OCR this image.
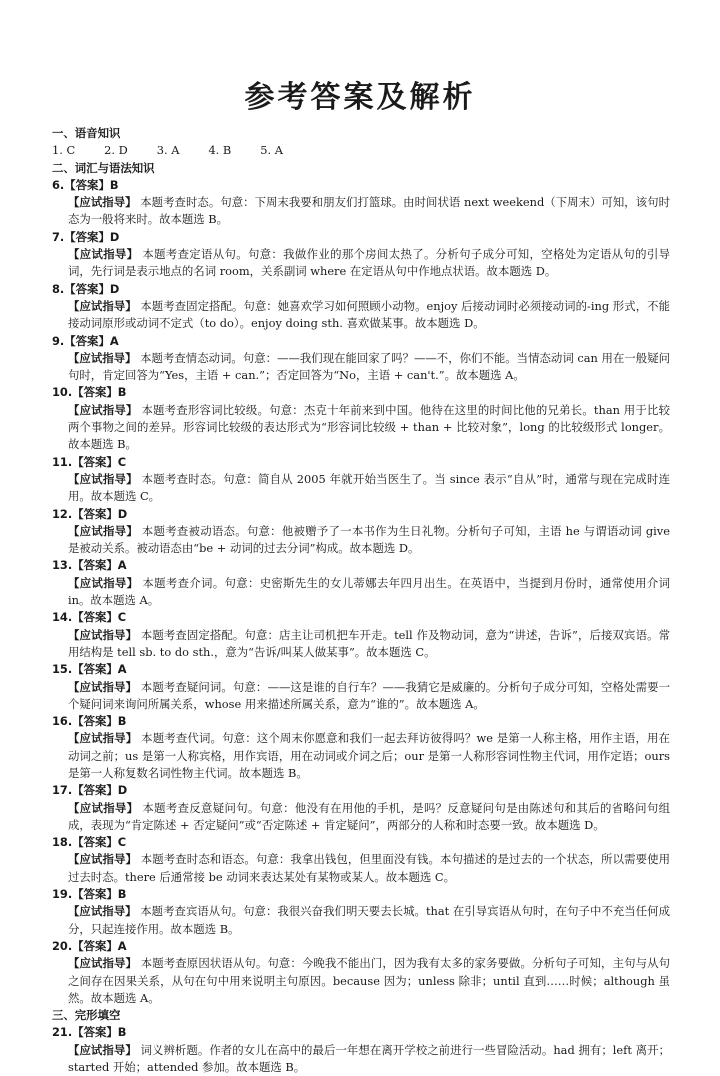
参考答案及解析
一、语音知识
1. C        2. D        3. A        4. B        5. A
二、词汇与语法知识
6.【答案】B
【应试指导】 本题考查时态。句意：下周末我要和朋友们打篮球。由时间状语 next weekend（下周末）可知，该句时态为一般将来时。故本题选 B。
7.【答案】D
【应试指导】 本题考查定语从句。句意：我做作业的那个房间太热了。分析句子成分可知，空格处为定语从句的引导词，先行词是表示地点的名词 room，关系副词 where 在定语从句中作地点状语。故本题选 D。
8.【答案】D
【应试指导】 本题考查固定搭配。句意：她喜欢学习如何照顾小动物。enjoy 后接动词时必须接动词的-ing 形式，不能接动词原形或动词不定式（to do）。enjoy doing sth. 喜欢做某事。故本题选 D。
9.【答案】A
【应试指导】 本题考查情态动词。句意：——我们现在能回家了吗？——不，你们不能。当情态动词 can 用在一般疑问句时，肯定回答为“Yes，主语 + can.”；否定回答为“No，主语 + can't.”。故本题选 A。
10.【答案】B
【应试指导】 本题考查形容词比较级。句意：杰克十年前来到中国。他待在这里的时间比他的兄弟长。than 用于比较两个事物之间的差异。形容词比较级的表达形式为“形容词比较级 + than + 比较对象”，long 的比较级形式 longer。故本题选 B。
11.【答案】C
【应试指导】 本题考查时态。句意：简自从 2005 年就开始当医生了。当 since 表示“自从”时，通常与现在完成时连用。故本题选 C。
12.【答案】D
【应试指导】 本题考查被动语态。句意：他被赠予了一本书作为生日礼物。分析句子可知，主语 he 与谓语动词 give 是被动关系。被动语态由“be + 动词的过去分词”构成。故本题选 D。
13.【答案】A
【应试指导】 本题考查介词。句意：史密斯先生的女儿蒂娜去年四月出生。在英语中，当提到月份时，通常使用介词 in。故本题选 A。
14.【答案】C
【应试指导】 本题考查固定搭配。句意：店主让司机把车开走。tell 作及物动词，意为“讲述，告诉”，后接双宾语。常用结构是 tell sb. to do sth.，意为“告诉/叫某人做某事”。故本题选 C。
15.【答案】A
【应试指导】 本题考查疑问词。句意：——这是谁的自行车？——我猜它是威廉的。分析句子成分可知，空格处需要一个疑问词来询问所属关系，whose 用来描述所属关系，意为“谁的”。故本题选 A。
16.【答案】B
【应试指导】 本题考查代词。句意：这个周末你愿意和我们一起去拜访彼得吗？we 是第一人称主格，用作主语，用在动词之前；us 是第一人称宾格，用作宾语，用在动词或介词之后；our 是第一人称形容词性物主代词，用作定语；ours 是第一人称复数名词性物主代词。故本题选 B。
17.【答案】D
【应试指导】 本题考查反意疑问句。句意：他没有在用他的手机，是吗？反意疑问句是由陈述句和其后的省略问句组成，表现为“肯定陈述 + 否定疑问”或“否定陈述 + 肯定疑问”，两部分的人称和时态要一致。故本题选 D。
18.【答案】C
【应试指导】 本题考查时态和语态。句意：我拿出钱包，但里面没有钱。本句描述的是过去的一个状态，所以需要使用过去时态。there 后通常接 be 动词来表达某处有某物或某人。故本题选 C。
19.【答案】B
【应试指导】 本题考查宾语从句。句意：我很兴奋我们明天要去长城。that 在引导宾语从句时，在句子中不充当任何成分，只起连接作用。故本题选 B。
20.【答案】A
【应试指导】 本题考查原因状语从句。句意：今晚我不能出门，因为我有太多的家务要做。分析句子可知，主句与从句之间存在因果关系，从句在句中用来说明主句原因。because 因为；unless 除非；until 直到……时候；although 虽然。故本题选 A。
三、完形填空
21.【答案】B
【应试指导】 词义辨析题。作者的女儿在高中的最后一年想在离开学校之前进行一些冒险活动。had 拥有；left 离开；started 开始；attended 参加。故本题选 B。
